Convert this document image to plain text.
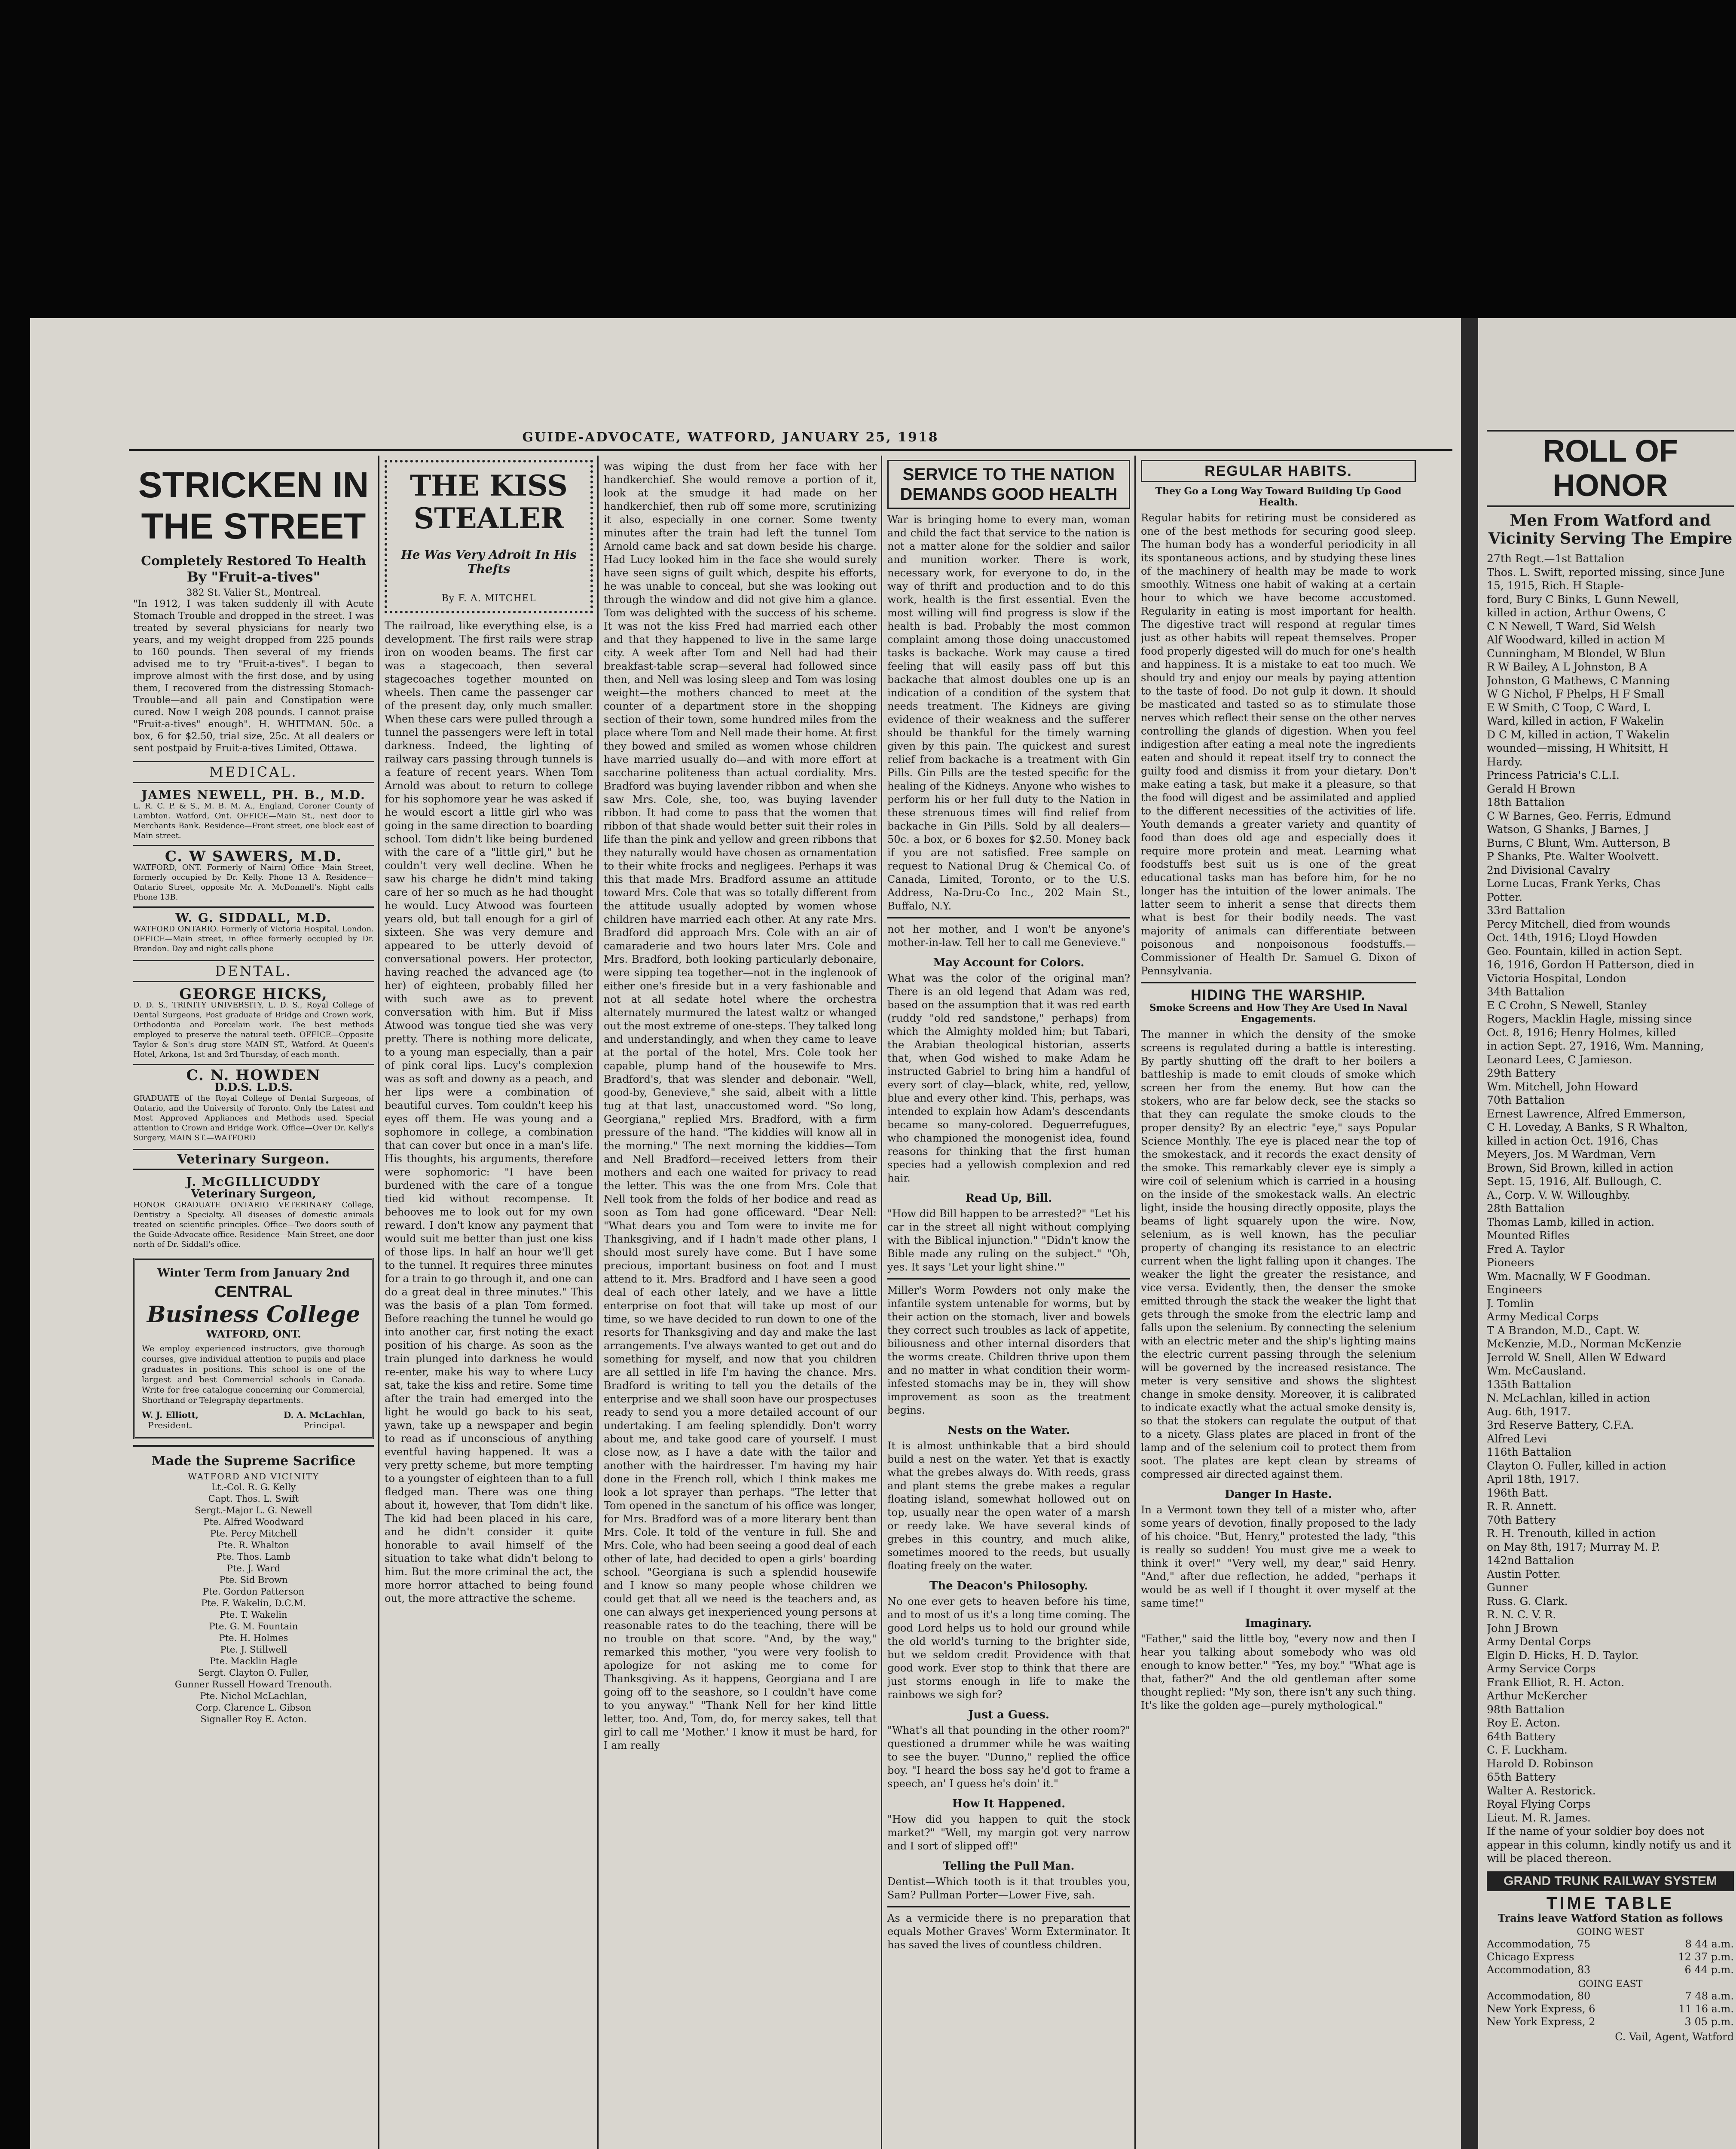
GUIDE-ADVOCATE, WATFORD, JANUARY 25, 1918
STRICKEN IN THE STREET
Completely Restored To Health
By "Fruit-a-tives"
382 St. Valier St., Montreal.
"In 1912, I was taken suddenly ill with Acute Stomach Trouble and dropped in the street. I was treated by several physicians for nearly two years, and my weight dropped from 225 pounds to 160 pounds. Then several of my friends advised me to try "Fruit-a-tives". I began to improve almost with the first dose, and by using them, I recovered from the distressing Stomach-Trouble—and all pain and Constipation were cured. Now I weigh 208 pounds. I cannot praise "Fruit-a-tives" enough". H. WHITMAN. 50c. a box, 6 for $2.50, trial size, 25c. At all dealers or sent postpaid by Fruit-a-tives Limited, Ottawa.
MEDICAL.
JAMES NEWELL, PH. B., M.D.
L. R. C. P. & S., M. B. M. A., England, Coroner County of Lambton. Watford, Ont. OFFICE—Main St., next door to Merchants Bank. Residence—Front street, one block east of Main street.
C. W SAWERS, M.D.
WATFORD, ONT. Formerly of Nairn) Office—Main Street, formerly occupied by Dr. Kelly. Phone 13 A. Residence—Ontario Street, opposite Mr. A. McDonnell's. Night calls Phone 13B.
W. G. SIDDALL, M.D.
WATFORD ONTARIO. Formerly of Victoria Hospital, London. OFFICE—Main street, in office formerly occupied by Dr. Brandon. Day and night calls phone
DENTAL.
GEORGE HICKS,
D. D. S., TRINITY UNIVERSITY, L. D. S., Royal College of Dental Surgeons, Post graduate of Bridge and Crown work, Orthodontia and Porcelain work. The best methods employed to preserve the natural teeth. OFFICE—Opposite Taylor & Son's drug store MAIN ST., Watford. At Queen's Hotel, Arkona, 1st and 3rd Thursday, of each month.
C. N. HOWDEN
D.D.S. L.D.S.
GRADUATE of the Royal College of Dental Surgeons, of Ontario, and the University of Toronto. Only the Latest and Most Approved Appliances and Methods used. Special attention to Crown and Bridge Work. Office—Over Dr. Kelly's Surgery, MAIN ST.—WATFORD
Veterinary Surgeon.
J. McGILLICUDDY
Veterinary Surgeon,
HONOR GRADUATE ONTARIO VETERINARY College, Dentistry a Specialty. All diseases of domestic animals treated on scientific principles. Office—Two doors south of the Guide-Advocate office. Residence—Main Street, one door north of Dr. Siddall's office.
Winter Term from January 2nd
CENTRAL
Business College
WATFORD, ONT.
We employ experienced instructors, give thorough courses, give individual attention to pupils and place graduates in positions. This school is one of the largest and best Commercial schools in Canada. Write for free catalogue concerning our Commercial, Shorthand or Telegraphy departments.
W. J. Elliott,
President.
D. A. McLachlan,
Principal.
Made the Supreme Sacrifice
WATFORD AND VICINITY
Lt.-Col. R. G. Kelly
Capt. Thos. L. Swift
Sergt.-Major L. G. Newell
Pte. Alfred Woodward
Pte. Percy Mitchell
Pte. R. Whalton
Pte. Thos. Lamb
Pte. J. Ward
Pte. Sid Brown
Pte. Gordon Patterson
Pte. F. Wakelin, D.C.M.
Pte. T. Wakelin
Pte. G. M. Fountain
Pte. H. Holmes
Pte. J. Stillwell
Pte. Macklin Hagle
Sergt. Clayton O. Fuller,
Gunner Russell Howard Trenouth.
Pte. Nichol McLachlan,
Corp. Clarence L. Gibson
Signaller Roy E. Acton.
THE KISS STEALER
He Was Very Adroit In His Thefts
By F. A. MITCHEL
The railroad, like everything else, is a development. The first rails were strap iron on wooden beams. The first car was a stagecoach, then several stagecoaches together mounted on wheels. Then came the passenger car of the present day, only much smaller. When these cars were pulled through a tunnel the passengers were left in total darkness. Indeed, the lighting of railway cars passing through tunnels is a feature of recent years. When Tom Arnold was about to return to college for his sophomore year he was asked if he would escort a little girl who was going in the same direction to boarding school. Tom didn't like being burdened with the care of a "little girl," but he couldn't very well decline. When he saw his charge he didn't mind taking care of her so much as he had thought he would. Lucy Atwood was fourteen years old, but tall enough for a girl of sixteen. She was very demure and appeared to be utterly devoid of conversational powers. Her protector, having reached the advanced age (to her) of eighteen, probably filled her with such awe as to prevent conversation with him. But if Miss Atwood was tongue tied she was very pretty. There is nothing more delicate, to a young man especially, than a pair of pink coral lips. Lucy's complexion was as soft and downy as a peach, and her lips were a combination of beautiful curves. Tom couldn't keep his eyes off them. He was young and a sophomore in college, a combination that can cover but once in a man's life. His thoughts, his arguments, therefore were sophomoric: "I have been burdened with the care of a tongue tied kid without recompense. It behooves me to look out for my own reward. I don't know any payment that would suit me better than just one kiss of those lips. In half an hour we'll get to the tunnel. It requires three minutes for a train to go through it, and one can do a great deal in three minutes." This was the basis of a plan Tom formed. Before reaching the tunnel he would go into another car, first noting the exact position of his charge. As soon as the train plunged into darkness he would re-enter, make his way to where Lucy sat, take the kiss and retire. Some time after the train had emerged into the light he would go back to his seat, yawn, take up a newspaper and begin to read as if unconscious of anything eventful having happened. It was a very pretty scheme, but more tempting to a youngster of eighteen than to a full fledged man. There was one thing about it, however, that Tom didn't like. The kid had been placed in his care, and he didn't consider it quite honorable to avail himself of the situation to take what didn't belong to him. But the more criminal the act, the more horror attached to being found out, the more attractive the scheme.
was wiping the dust from her face with her handkerchief. She would remove a portion of it, look at the smudge it had made on her handkerchief, then rub off some more, scrutinizing it also, especially in one corner. Some twenty minutes after the train had left the tunnel Tom Arnold came back and sat down beside his charge. Had Lucy looked him in the face she would surely have seen signs of guilt which, despite his efforts, he was unable to conceal, but she was looking out through the window and did not give him a glance. Tom was delighted with the success of his scheme. It was not the kiss Fred had married each other and that they happened to live in the same large city. A week after Tom and Nell had had their breakfast-table scrap—several had followed since then, and Nell was losing sleep and Tom was losing weight—the mothers chanced to meet at the counter of a department store in the shopping section of their town, some hundred miles from the place where Tom and Nell made their home. At first they bowed and smiled as women whose children have married usually do—and with more effort at saccharine politeness than actual cordiality. Mrs. Bradford was buying lavender ribbon and when she saw Mrs. Cole, she, too, was buying lavender ribbon. It had come to pass that the women that ribbon of that shade would better suit their roles in life than the pink and yellow and green ribbons that they naturally would have chosen as ornamentation to their white frocks and negligees. Perhaps it was this that made Mrs. Bradford assume an attitude toward Mrs. Cole that was so totally different from the attitude usually adopted by women whose children have married each other. At any rate Mrs. Bradford did approach Mrs. Cole with an air of camaraderie and two hours later Mrs. Cole and Mrs. Bradford, both looking particularly debonaire, were sipping tea together—not in the inglenook of either one's fireside but in a very fashionable and not at all sedate hotel where the orchestra alternately murmured the latest waltz or whanged out the most extreme of one-steps. They talked long and understandingly, and when they came to leave at the portal of the hotel, Mrs. Cole took her capable, plump hand of the housewife to Mrs. Bradford's, that was slender and debonair. "Well, good-by, Genevieve," she said, albeit with a little tug at that last, unaccustomed word. "So long, Georgiana," replied Mrs. Bradford, with a firm pressure of the hand. "The kiddies will know all in the morning." The next morning the kiddies—Tom and Nell Bradford—received letters from their mothers and each one waited for privacy to read the letter. This was the one from Mrs. Cole that Nell took from the folds of her bodice and read as soon as Tom had gone officeward. "Dear Nell: "What dears you and Tom were to invite me for Thanksgiving, and if I hadn't made other plans, I should most surely have come. But I have some precious, important business on foot and I must attend to it. Mrs. Bradford and I have seen a good deal of each other lately, and we have a little enterprise on foot that will take up most of our time, so we have decided to run down to one of the resorts for Thanksgiving and day and make the last arrangements. I've always wanted to get out and do something for myself, and now that you children are all settled in life I'm having the chance. Mrs. Bradford is writing to tell you the details of the enterprise and we shall soon have our prospectuses ready to send you a more detailed account of our undertaking. I am feeling splendidly. Don't worry about me, and take good care of yourself. I must close now, as I have a date with the tailor and another with the hairdresser. I'm having my hair done in the French roll, which I think makes me look a lot sprayer than perhaps. "The letter that Tom opened in the sanctum of his office was longer, for Mrs. Bradford was of a more literary bent than Mrs. Cole. It told of the venture in full. She and Mrs. Cole, who had been seeing a good deal of each other of late, had decided to open a girls' boarding school. "Georgiana is such a splendid housewife and I know so many people whose children we could get that all we need is the teachers and, as one can always get inexperienced young persons at reasonable rates to do the teaching, there will be no trouble on that score. "And, by the way," remarked this mother, "you were very foolish to apologize for not asking me to come for Thanksgiving. As it happens, Georgiana and I are going off to the seashore, so I couldn't have come to you anyway." "Thank Nell for her kind little letter, too. And, Tom, do, for mercy sakes, tell that girl to call me 'Mother.' I know it must be hard, for I am really
SERVICE TO THE NATION DEMANDS GOOD HEALTH
War is bringing home to every man, woman and child the fact that service to the nation is not a matter alone for the soldier and sailor and munition worker. There is work, necessary work, for everyone to do, in the way of thrift and production and to do this work, health is the first essential. Even the most willing will find progress is slow if the health is bad. Probably the most common complaint among those doing unaccustomed tasks is backache. Work may cause a tired feeling that will easily pass off but this backache that almost doubles one up is an indication of a condition of the system that needs treatment. The Kidneys are giving evidence of their weakness and the sufferer should be thankful for the timely warning given by this pain. The quickest and surest relief from backache is a treatment with Gin Pills. Gin Pills are the tested specific for the healing of the Kidneys. Anyone who wishes to perform his or her full duty to the Nation in these strenuous times will find relief from backache in Gin Pills. Sold by all dealers—50c. a box, or 6 boxes for $2.50. Money back if you are not satisfied. Free sample on request to National Drug & Chemical Co. of Canada, Limited, Toronto, or to the U.S. Address, Na-Dru-Co Inc., 202 Main St., Buffalo, N.Y.
not her mother, and I won't be anyone's mother-in-law. Tell her to call me Genevieve."
May Account for Colors.
What was the color of the original man? There is an old legend that Adam was red, based on the assumption that it was red earth (ruddy "old red sandstone," perhaps) from which the Almighty molded him; but Tabari, the Arabian theological historian, asserts that, when God wished to make Adam he instructed Gabriel to bring him a handful of every sort of clay—black, white, red, yellow, blue and every other kind. This, perhaps, was intended to explain how Adam's descendants became so many-colored. Deguerrefugues, who championed the monogenist idea, found reasons for thinking that the first human species had a yellowish complexion and red hair.
Read Up, Bill.
"How did Bill happen to be arrested?" "Let his car in the street all night without complying with the Biblical injunction." "Didn't know the Bible made any ruling on the subject." "Oh, yes. It says 'Let your light shine.'"
Miller's Worm Powders not only make the infantile system untenable for worms, but by their action on the stomach, liver and bowels they correct such troubles as lack of appetite, biliousness and other internal disorders that the worms create. Children thrive upon them and no matter in what condition their worm-infested stomachs may be in, they will show improvement as soon as the treatment begins.
Nests on the Water.
It is almost unthinkable that a bird should build a nest on the water. Yet that is exactly what the grebes always do. With reeds, grass and plant stems the grebe makes a regular floating island, somewhat hollowed out on top, usually near the open water of a marsh or reedy lake. We have several kinds of grebes in this country, and much alike, sometimes moored to the reeds, but usually floating freely on the water.
The Deacon's Philosophy.
No one ever gets to heaven before his time, and to most of us it's a long time coming. The good Lord helps us to hold our ground while the old world's turning to the brighter side, but we seldom credit Providence with that good work. Ever stop to think that there are just storms enough in life to make the rainbows we sigh for?
Just a Guess.
"What's all that pounding in the other room?" questioned a drummer while he was waiting to see the buyer. "Dunno," replied the office boy. "I heard the boss say he'd got to frame a speech, an' I guess he's doin' it."
How It Happened.
"How did you happen to quit the stock market?" "Well, my margin got very narrow and I sort of slipped off!"
Telling the Pull Man.
Dentist—Which tooth is it that troubles you, Sam? Pullman Porter—Lower Five, sah.
As a vermicide there is no preparation that equals Mother Graves' Worm Exterminator. It has saved the lives of countless children.
REGULAR HABITS.
They Go a Long Way Toward Building Up Good Health.
Regular habits for retiring must be considered as one of the best methods for securing good sleep. The human body has a wonderful periodicity in all its spontaneous actions, and by studying these lines of the machinery of health may be made to work smoothly. Witness one habit of waking at a certain hour to which we have become accustomed. Regularity in eating is most important for health. The digestive tract will respond at regular times just as other habits will repeat themselves. Proper food properly digested will do much for one's health and happiness. It is a mistake to eat too much. We should try and enjoy our meals by paying attention to the taste of food. Do not gulp it down. It should be masticated and tasted so as to stimulate those nerves which reflect their sense on the other nerves controlling the glands of digestion. When you feel indigestion after eating a meal note the ingredients eaten and should it repeat itself try to connect the guilty food and dismiss it from your dietary. Don't make eating a task, but make it a pleasure, so that the food will digest and be assimilated and applied to the different necessities of the activities of life. Youth demands a greater variety and quantity of food than does old age and especially does it require more protein and meat. Learning what foodstuffs best suit us is one of the great educational tasks man has before him, for he no longer has the intuition of the lower animals. The latter seem to inherit a sense that directs them what is best for their bodily needs. The vast majority of animals can differentiate between poisonous and nonpoisonous foodstuffs.—Commissioner of Health Dr. Samuel G. Dixon of Pennsylvania.
HIDING THE WARSHIP.
Smoke Screens and How They Are Used In Naval Engagements.
The manner in which the density of the smoke screens is regulated during a battle is interesting. By partly shutting off the draft to her boilers a battleship is made to emit clouds of smoke which screen her from the enemy. But how can the stokers, who are far below deck, see the stacks so that they can regulate the smoke clouds to the proper density? By an electric "eye," says Popular Science Monthly. The eye is placed near the top of the smokestack, and it records the exact density of the smoke. This remarkably clever eye is simply a wire coil of selenium which is carried in a housing on the inside of the smokestack walls. An electric light, inside the housing directly opposite, plays the beams of light squarely upon the wire. Now, selenium, as is well known, has the peculiar property of changing its resistance to an electric current when the light falling upon it changes. The weaker the light the greater the resistance, and vice versa. Evidently, then, the denser the smoke emitted through the stack the weaker the light that gets through the smoke from the electric lamp and falls upon the selenium. By connecting the selenium with an electric meter and the ship's lighting mains the electric current passing through the selenium will be governed by the increased resistance. The meter is very sensitive and shows the slightest change in smoke density. Moreover, it is calibrated to indicate exactly what the actual smoke density is, so that the stokers can regulate the output of that to a nicety. Glass plates are placed in front of the lamp and of the selenium coil to protect them from soot. The plates are kept clean by streams of compressed air directed against them.
Danger In Haste.
In a Vermont town they tell of a mister who, after some years of devotion, finally proposed to the lady of his choice. "But, Henry," protested the lady, "this is really so sudden! You must give me a week to think it over!" "Very well, my dear," said Henry. "And," after due reflection, he added, "perhaps it would be as well if I thought it over myself at the same time!"
Imaginary.
"Father," said the little boy, "every now and then I hear you talking about somebody who was old enough to know better." "Yes, my boy." "What age is that, father?" And the old gentleman after some thought replied: "My son, there isn't any such thing. It's like the golden age—purely mythological."
ROLL OF HONOR
Men From Watford and Vicinity Serving The Empire
27th Regt.—1st Battalion
Thos. L. Swift, reported missing, since June 15, 1915, Rich. H Staple-
ford, Bury C Binks, L Gunn Newell,
killed in action, Arthur Owens, C
C N Newell, T Ward, Sid Welsh
Alf Woodward, killed in action M
Cunningham, M Blondel, W Blun
R W Bailey, A L Johnston, B A
Johnston, G Mathews, C Manning
W G Nichol, F Phelps, H F Small
E W Smith, C Toop, C Ward, L
Ward, killed in action, F Wakelin
D C M, killed in action, T Wakelin
wounded—missing, H Whitsitt, H
Hardy.
Princess Patricia's C.L.I.
Gerald H Brown
18th Battalion
C W Barnes, Geo. Ferris, Edmund
Watson, G Shanks, J Barnes, J
Burns, C Blunt, Wm. Autterson, B
P Shanks, Pte. Walter Woolvett.
2nd Divisional Cavalry
Lorne Lucas, Frank Yerks, Chas
Potter.
33rd Battalion
Percy Mitchell, died from wounds
Oct. 14th, 1916; Lloyd Howden
Geo. Fountain, killed in action Sept.
16, 1916, Gordon H Patterson, died in
Victoria Hospital, London
34th Battalion
E C Crohn, S Newell, Stanley
Rogers, Macklin Hagle, missing since
Oct. 8, 1916; Henry Holmes, killed
in action Sept. 27, 1916, Wm. Manning,
Leonard Lees, C Jamieson.
29th Battery
Wm. Mitchell, John Howard
70th Battalion
Ernest Lawrence, Alfred Emmerson,
C H. Loveday, A Banks, S R Whalton,
killed in action Oct. 1916, Chas
Meyers, Jos. M Wardman, Vern
Brown, Sid Brown, killed in action
Sept. 15, 1916, Alf. Bullough, C.
A., Corp. V. W. Willoughby.
28th Battalion
Thomas Lamb, killed in action.
Mounted Rifles
Fred A. Taylor
Pioneers
Wm. Macnally, W F Goodman.
Engineers
J. Tomlin
Army Medical Corps
T A Brandon, M.D., Capt. W.
McKenzie, M.D., Norman McKenzie
Jerrold W. Snell, Allen W Edward
Wm. McCausland.
135th Battalion
N. McLachlan, killed in action
Aug. 6th, 1917.
3rd Reserve Battery, C.F.A.
Alfred Levi
116th Battalion
Clayton O. Fuller, killed in action
April 18th, 1917.
196th Batt.
R. R. Annett.
70th Battery
R. H. Trenouth, killed in action
on May 8th, 1917; Murray M. P.
142nd Battalion
Austin Potter.
Gunner
Russ. G. Clark.
R. N. C. V. R.
John J Brown
Army Dental Corps
Elgin D. Hicks, H. D. Taylor.
Army Service Corps
Frank Elliot, R. H. Acton.
Arthur McKercher
98th Battalion
Roy E. Acton.
64th Battery
C. F. Luckham.
Harold D. Robinson
65th Battery
Walter A. Restorick.
Royal Flying Corps
Lieut. M. R. James.
If the name of your soldier boy does not appear in this column, kindly notify us and it will be placed thereon.
GRAND TRUNK RAILWAY SYSTEM
TIME TABLE
Trains leave Watford Station as follows
GOING WEST
Accommodation, 75	8 44 a.m.
Chicago Express	12 37 p.m.
Accommodation, 83	6 44 p.m.
GOING EAST
Accommodation, 80	7 48 a.m.
New York Express, 6	11 16 a.m.
New York Express, 2	3 05 p.m.
C. Vail, Agent, Watford
